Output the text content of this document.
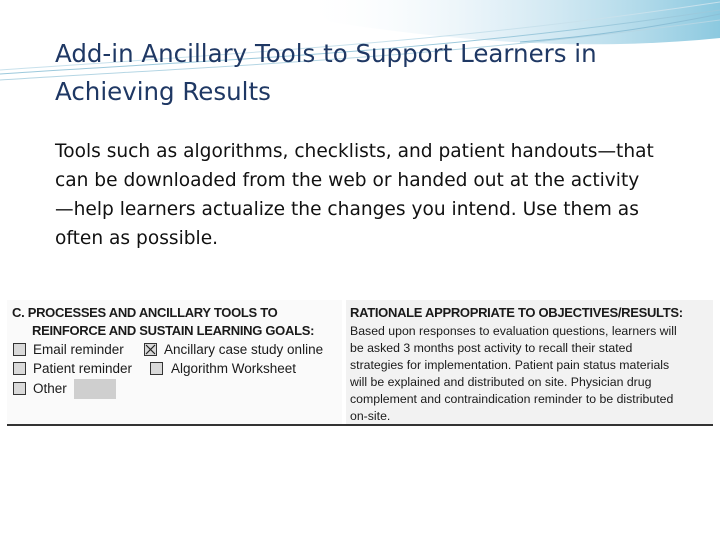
Add-in Ancillary Tools to Support Learners in
Achieving Results
Tools such as algorithms, checklists, and patient handouts—that
can be downloaded from the web or handed out at the activity
—help learners actualize the changes you intend. Use them as
often as possible.
C. PROCESSES AND ANCILLARY TOOLS TO
REINFORCE AND SUSTAIN LEARNING GOALS:
Email reminder	Ancillary case study online
Patient reminder	Algorithm Worksheet
Other
RATIONALE APPROPRIATE TO OBJECTIVES/RESULTS:
Based upon responses to evaluation questions, learners will
be asked 3 months post activity to recall their stated
strategies for implementation. Patient pain status materials
will be explained and distributed on site. Physician drug
complement and contraindication reminder to be distributed
on-site.
